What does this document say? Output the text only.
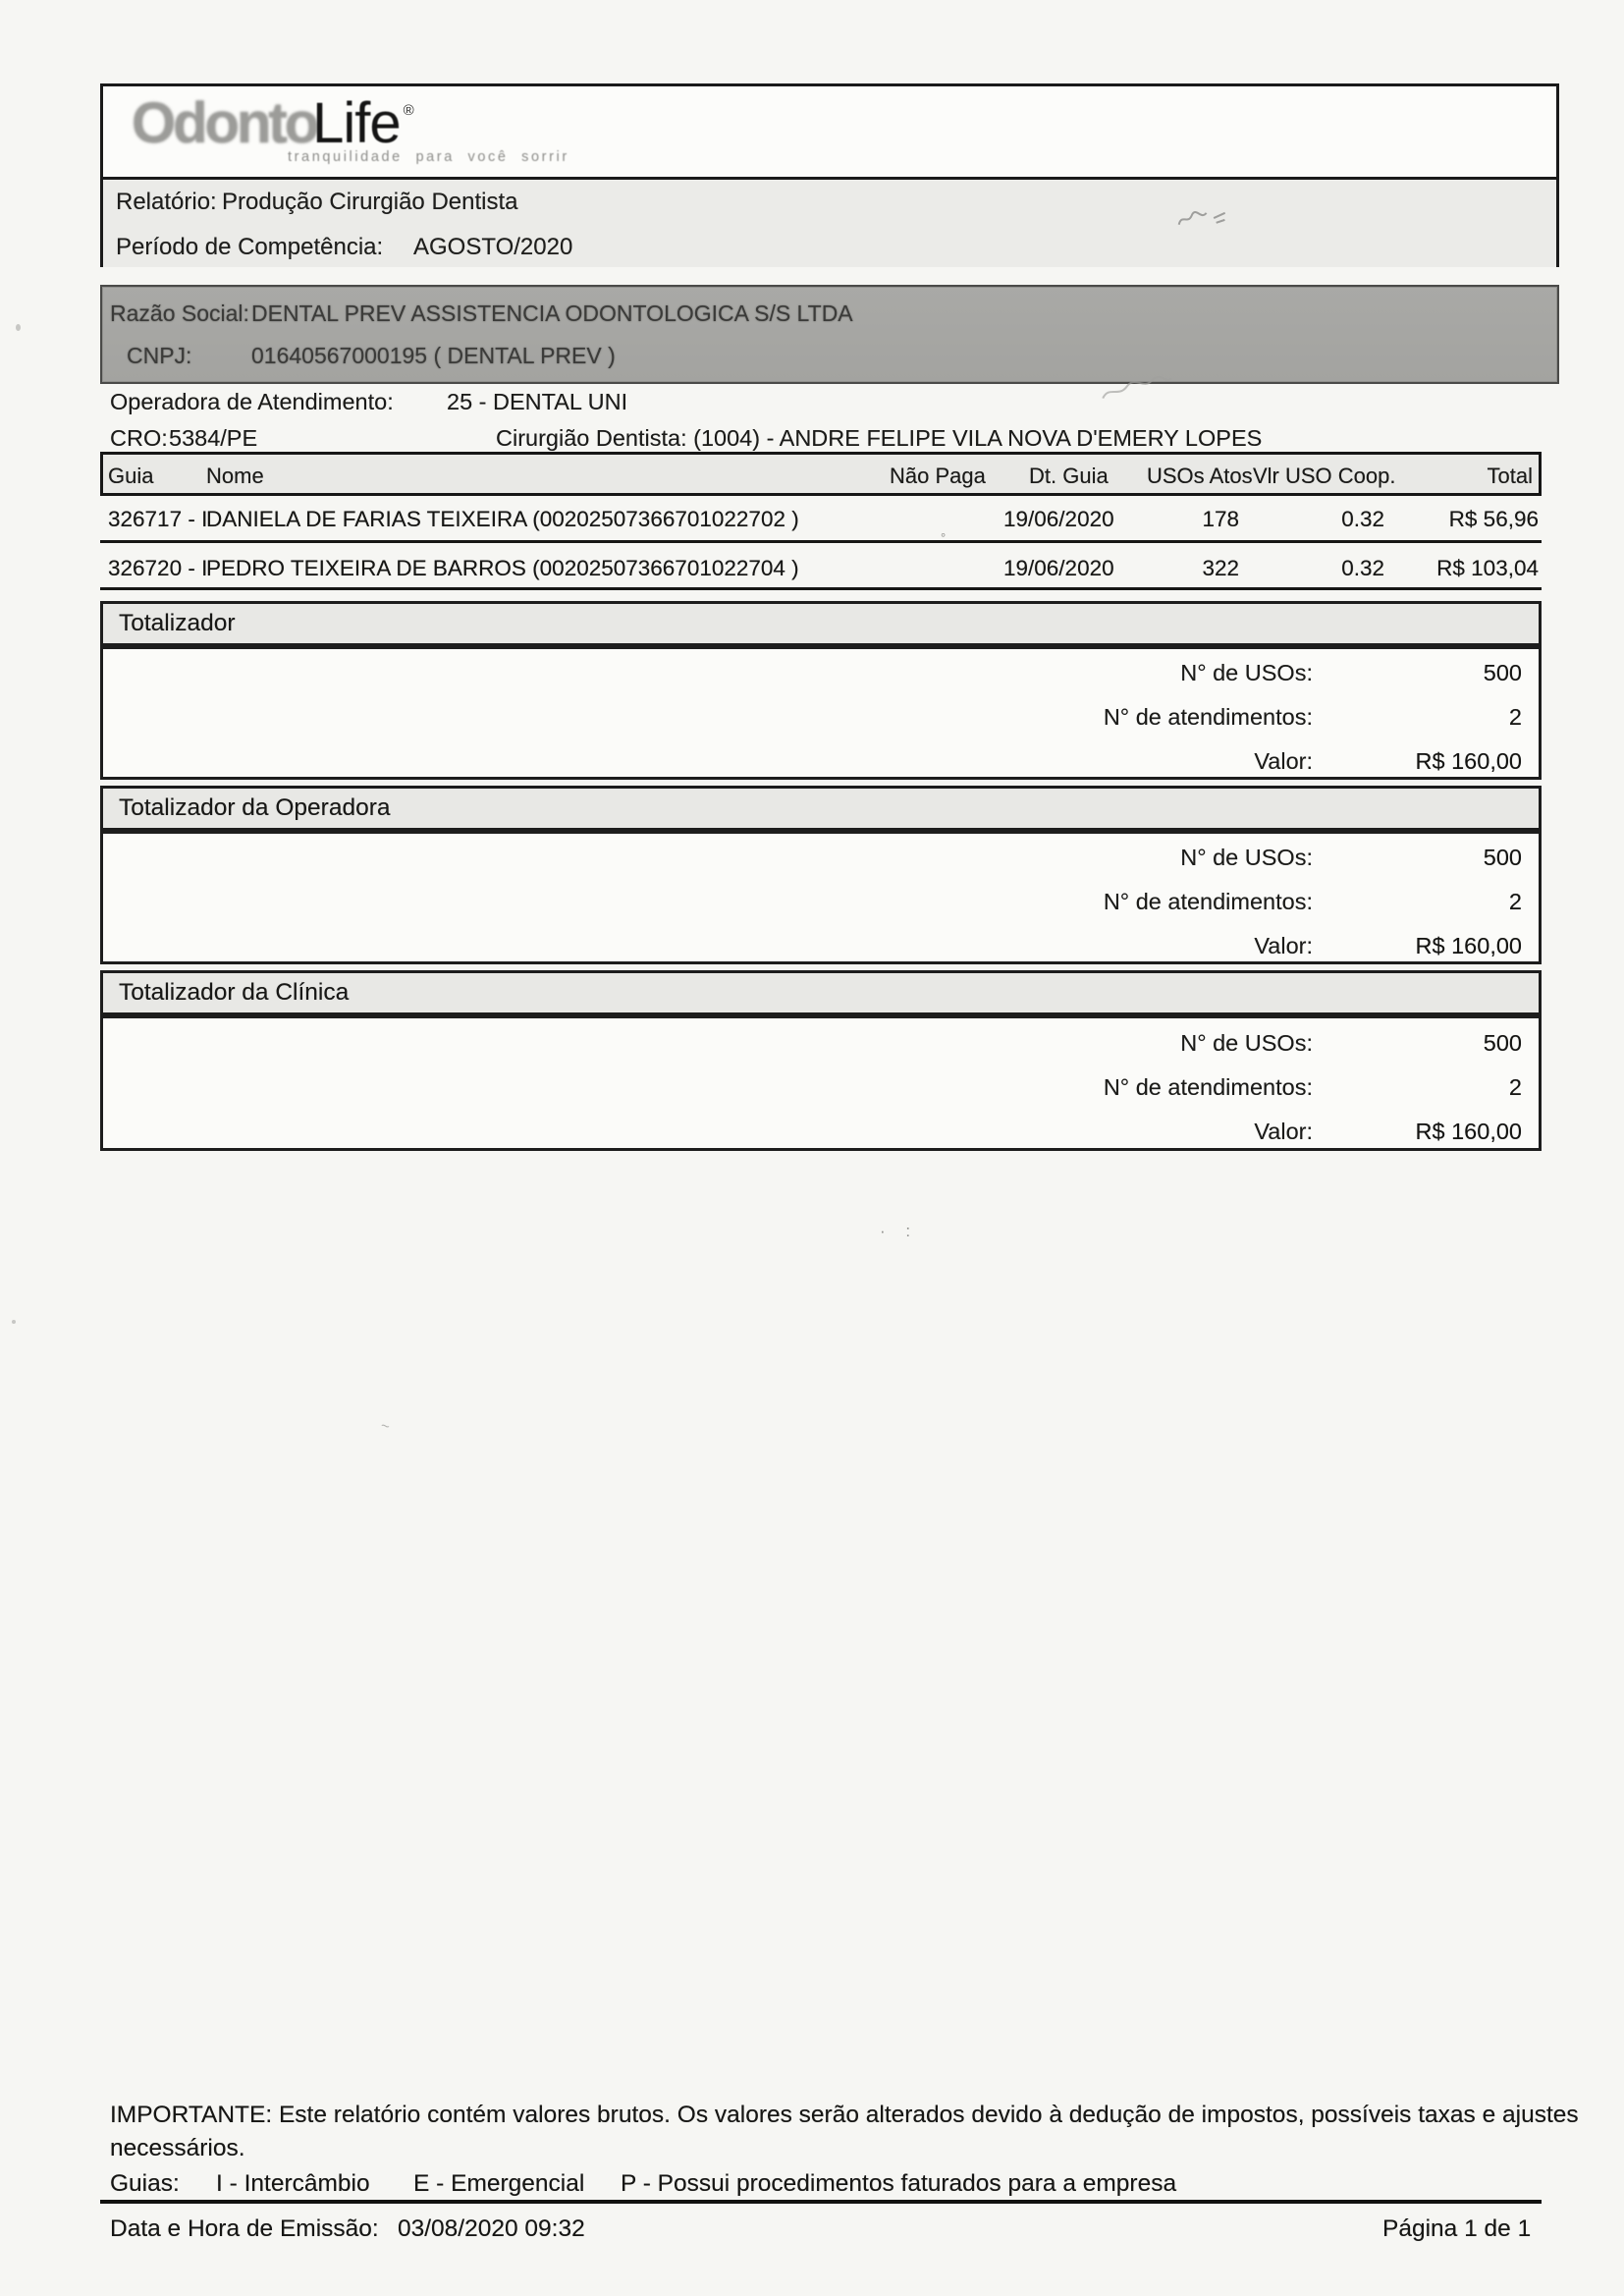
OdontoLife ®
tranquilidade para você sorrir
Relatório: Produção Cirurgião Dentista
Período de Competência: AGOSTO/2020
Razão Social: DENTAL PREV ASSISTENCIA ODONTOLOGICA S/S LTDA
CNPJ:	01640567000195 ( DENTAL PREV )
Operadora de Atendimento: 25 - DENTAL UNI
CRO: 5384/PE	Cirurgião Dentista: (1004) - ANDRE FELIPE VILA NOVA D'EMERY LOPES
Guia Nome	Não Paga Dt. Guia USOs Atos Vlr USO Coop.	Total
326717 - I
DANIELA DE FARIAS TEIXEIRA (00202507366701022702 )	19/06/2020	178	0.32	R$ 56,96
326720 - I
PEDRO TEIXEIRA DE BARROS (00202507366701022704 )	19/06/2020	322	0.32 R$ 103,04
Totalizador
N° de USOs:	500
N° de atendimentos:	2
Valor:	R$ 160,00
Totalizador da Operadora
N° de USOs:	500
N° de atendimentos:	2
Valor:	R$ 160,00
Totalizador da Clínica
N° de USOs:	500
N° de atendimentos:	2
Valor:	R$ 160,00
°
· :
~
IMPORTANTE: Este relatório contém valores brutos. Os valores serão alterados devido à dedução de impostos, possíveis taxas e ajustes
necessários.
Guias: I - Intercâmbio E - Emergencial P - Possui procedimentos faturados para a empresa
Data e Hora de Emissão: 03/08/2020 09:32	Página 1 de 1
